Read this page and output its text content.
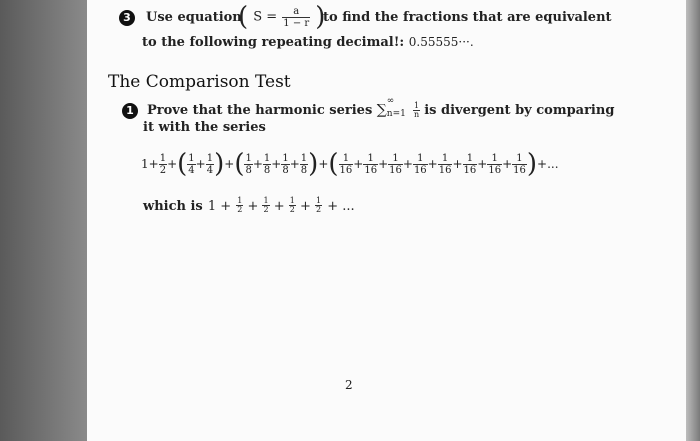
3	Use equation
( $S = \frac{a}{1 - r}$ )
to find the fractions that are equivalent
to the following repeating decimal!: 0.55555···.
The Comparison Test
1	Prove that the harmonic series ∑
∞
n=1
$\frac{1}{n}$ is divergent by comparing
it with the series
$1+ \frac{1}{2}$ + ( $\frac{1}{4} + \frac{1}{4}$ ) + ( $\frac{1}{8} + \frac{1}{8} + \frac{1}{8} + \frac{1}{8}$ ) + ( $\frac{1}{16} + \frac{1}{16} + \frac{1}{16} + \frac{1}{16} + \frac{1}{16} + \frac{1}{16} + \frac{1}{16} + \frac{1}{16}$ ) +...
which is $1 + \frac{1}{2} + \frac{1}{2} + \frac{1}{2} + \frac{1}{2}$ + ...
2
